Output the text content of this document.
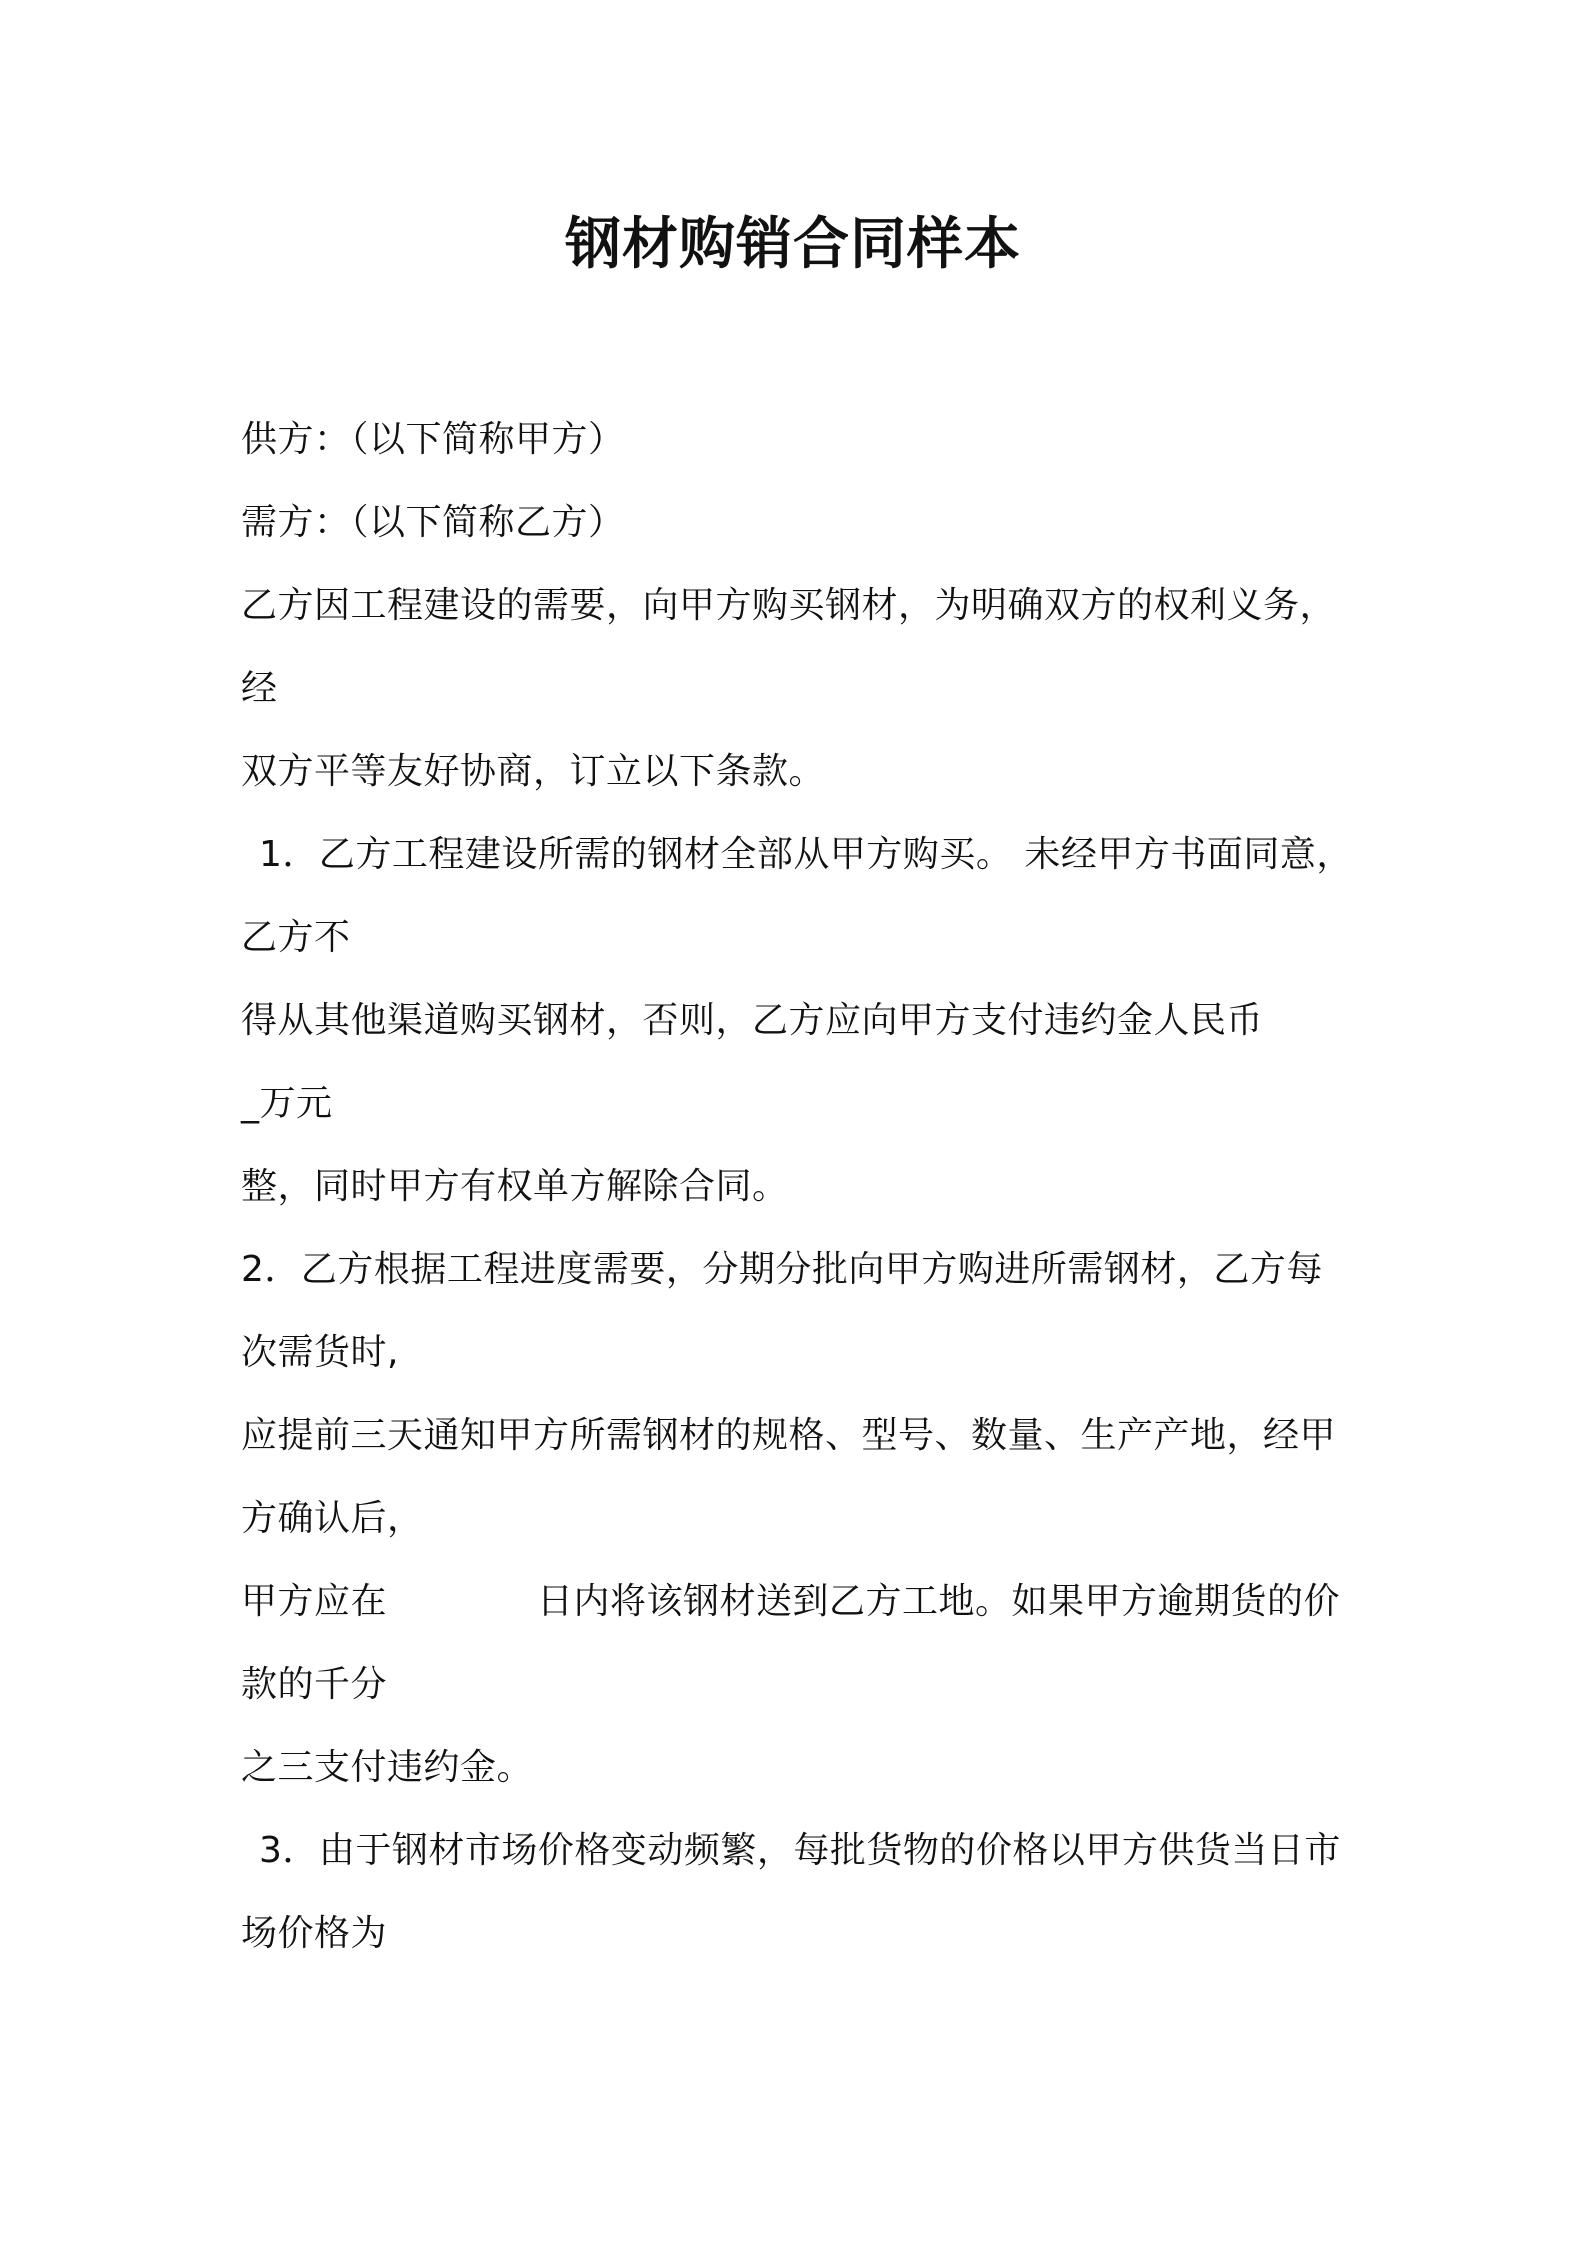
钢材购销合同样本
供方：（以下简称甲方）
需方：（以下简称乙方）
乙方因工程建设的需要，向甲方购买钢材，为明确双方的权利义务，
经
双方平等友好协商，订立以下条款。
1．乙方工程建设所需的钢材全部从甲方购买。 未经甲方书面同意，
乙方不
得从其他渠道购买钢材，否则，乙方应向甲方支付违约金人民币
_万元
整，同时甲方有权单方解除合同。
2．乙方根据工程进度需要，分期分批向甲方购进所需钢材，乙方每
次需货时,
应提前三天通知甲方所需钢材的规格、型号、数量、生产产地，经甲
方确认后，
甲方应在	日内将该钢材送到乙方工地。如果甲方逾期货的价
款的千分
之三支付违约金。
3．由于钢材市场价格变动频繁，每批货物的价格以甲方供货当日市
场价格为
